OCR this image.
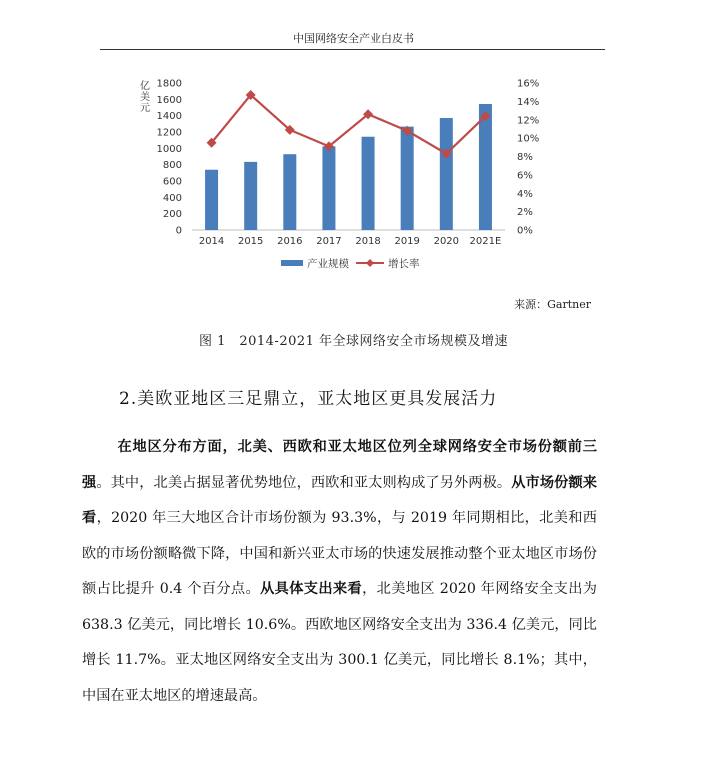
中国网络安全产业白皮书
0
200
400
600
800
1000
1200
1400
1600
1800
0%
2%
4%
6%
8%
10%
12%
14%
16%
亿
美
元
2014 2015 2016 2017 2018 2019 2020 2021E
产业规模	增长率
来源：Gartner
图 1　2014-2021 年全球网络安全市场规模及增速
2.美欧亚地区三足鼎立，亚太地区更具发展活力

在地区分布方面，北美、西欧和亚太地区位列全球网络安全市场份额前三强。其中，北美占据显著优势地位，西欧和亚太则构成了另外两极。从市场份额来看，2020 年三大地区合计市场份额为 93.3%，与 2019 年同期相比，北美和西欧的市场份额略微下降，中国和新兴亚太市场的快速发展推动整个亚太地区市场份额占比提升 0.4 个百分点。从具体支出来看，北美地区 2020 年网络安全支出为 638.3 亿美元，同比增长 10.6%。西欧地区网络安全支出为 336.4 亿美元，同比增长 11.7%。亚太地区网络安全支出为 300.1 亿美元，同比增长 8.1%；其中，中国在亚太地区的增速最高。
